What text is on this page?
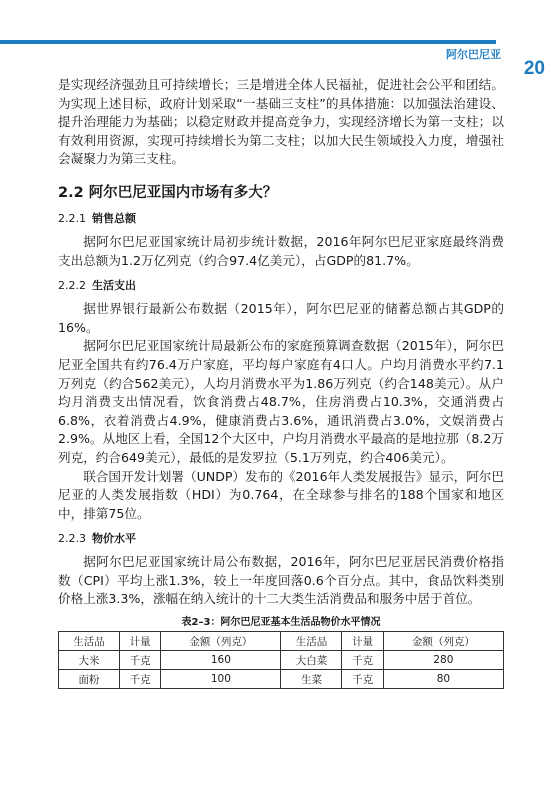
阿尔巴尼亚
20

是实现经济强劲且可持续增长；三是增进全体人民福祉，促进社会公平和团结。为实现上述目标，政府计划采取“一基础三支柱”的具体措施：以加强法治建设、提升治理能力为基础；以稳定财政并提高竞争力，实现经济增长为第一支柱；以有效利用资源，实现可持续增长为第二支柱；以加大民生领域投入力度，增强社会凝聚力为第三支柱。

2.2 阿尔巴尼亚国内市场有多大？
2.2.1 销售总额

据阿尔巴尼亚国家统计局初步统计数据，2016年阿尔巴尼亚家庭最终消费支出总额为1.2万亿列克（约合97.4亿美元），占GDP的81.7%。

2.2.2 生活支出

据世界银行最新公布数据（2015年），阿尔巴尼亚的储蓄总额占其GDP的16%。

据阿尔巴尼亚国家统计局最新公布的家庭预算调查数据（2015年），阿尔巴尼亚全国共有约76.4万户家庭，平均每户家庭有4口人。户均月消费水平约7.1万列克（约合562美元），人均月消费水平为1.86万列克（约合148美元）。从户均月消费支出情况看，饮食消费占48.7%，住房消费占10.3%，交通消费占6.8%，衣着消费占4.9%，健康消费占3.6%，通讯消费占3.0%，文娱消费占2.9%。从地区上看，全国12个大区中，户均月消费水平最高的是地拉那（8.2万列克，约合649美元），最低的是发罗拉（5.1万列克，约合406美元）。

联合国开发计划署（UNDP）发布的《2016年人类发展报告》显示，阿尔巴尼亚的人类发展指数（HDI）为0.764，在全球参与排名的188个国家和地区中，排第75位。

2.2.3 物价水平

据阿尔巴尼亚国家统计局公布数据，2016年，阿尔巴尼亚居民消费价格指数（CPI）平均上涨1.3%，较上一年度回落0.6个百分点。其中，食品饮料类别价格上涨3.3%，涨幅在纳入统计的十二大类生活消费品和服务中居于首位。

表2–3：阿尔巴尼亚基本生活品物价水平情况
生活品	计量	金额（列克）	生活品	计量	金额（列克）
大米	千克	160	大白菜	千克	280
面粉	千克	100	生菜	千克	80
